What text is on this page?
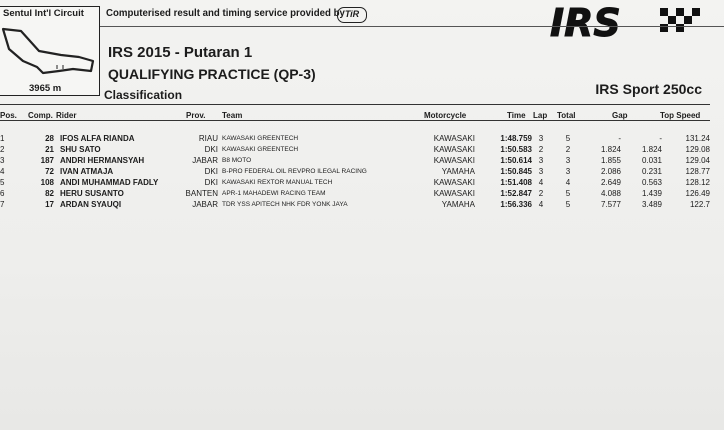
Sentul Int'l Circuit
3965 m
Computerised result and timing service provided by TiR	IRS
IRS 2015 - Putaran 1
QUALIFYING PRACTICE (QP-3)
Classification	IRS Sport 250cc
Pos. Comp. Rider	Prov. Team	Motorcycle	Time Lap Total	Gap	Top Speed
1	28 IFOS ALFA RIANDA	RIAU KAWASAKI GREENTECH	KAWASAKI	1:48.759 3	5	-	-	131.24
2	21 SHU SATO	DKI KAWASAKI GREENTECH	KAWASAKI	1:50.583 2	2	1.824	1.824	129.08
3	187 ANDRI HERMANSYAH	JABAR B8 MOTO	KAWASAKI	1:50.614 3	3	1.855	0.031	129.04
4	72 IVAN ATMAJA	DKI B-PRO FEDERAL OIL REVPRO ILEGAL RACING	YAMAHA	1:50.845 3	3	2.086	0.231	128.77
5	108 ANDI MUHAMMAD FADLY	DKI KAWASAKI REXTOR MANUAL TECH	KAWASAKI	1:51.408 4	4	2.649	0.563	128.12
6	82 HERU SUSANTO	BANTEN APR-1 MAHADEWI RACING TEAM	KAWASAKI	1:52.847 2	5	4.088	1.439	126.49
7	17 ARDAN SYAUQI	JABAR TDR YSS APITECH NHK FDR YONK JAYA	YAMAHA	1:56.336 4	5	7.577	3.489	122.7
